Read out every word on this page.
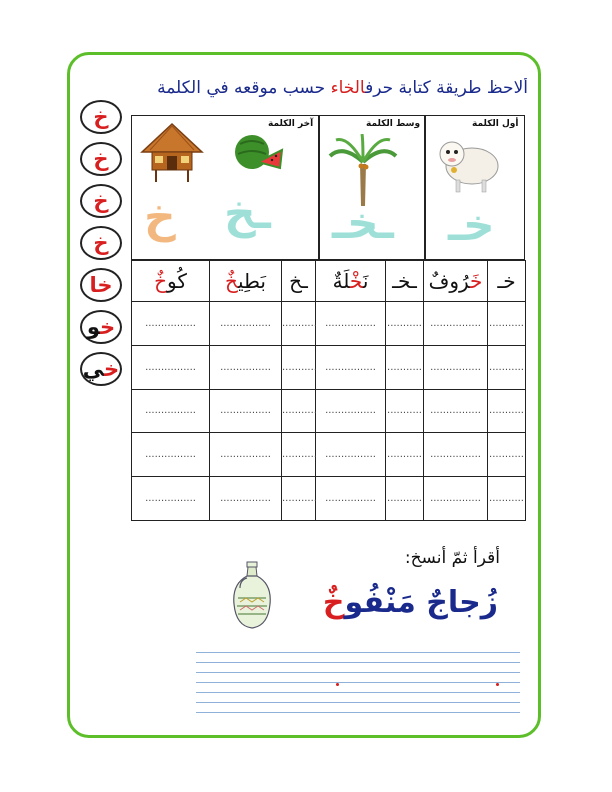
ألاحظ طريقة كتابة حرفالخاء حسب موقعه في الكلمة
خ
خ
خ
خ
خا
خو
خي
آخر الكلمة	وسط الكلمة	أول الكلمة
خ ـخ ـخـ خـ
كُوخٌ	بَطِيخٌ	ـخ	نَخْلَةٌ	ـخـ	خَرُوفٌ	خـ
................	................	...........	................	...........	................	...........
................	................	...........	................	...........	................	...........
................	................	...........	................	...........	................	...........
................	................	...........	................	...........	................	...........
................	................	...........	................	...........	................	...........
أقرأ ثمّ أنسخ:
زُجاجٌ مَنْفُوخٌ
